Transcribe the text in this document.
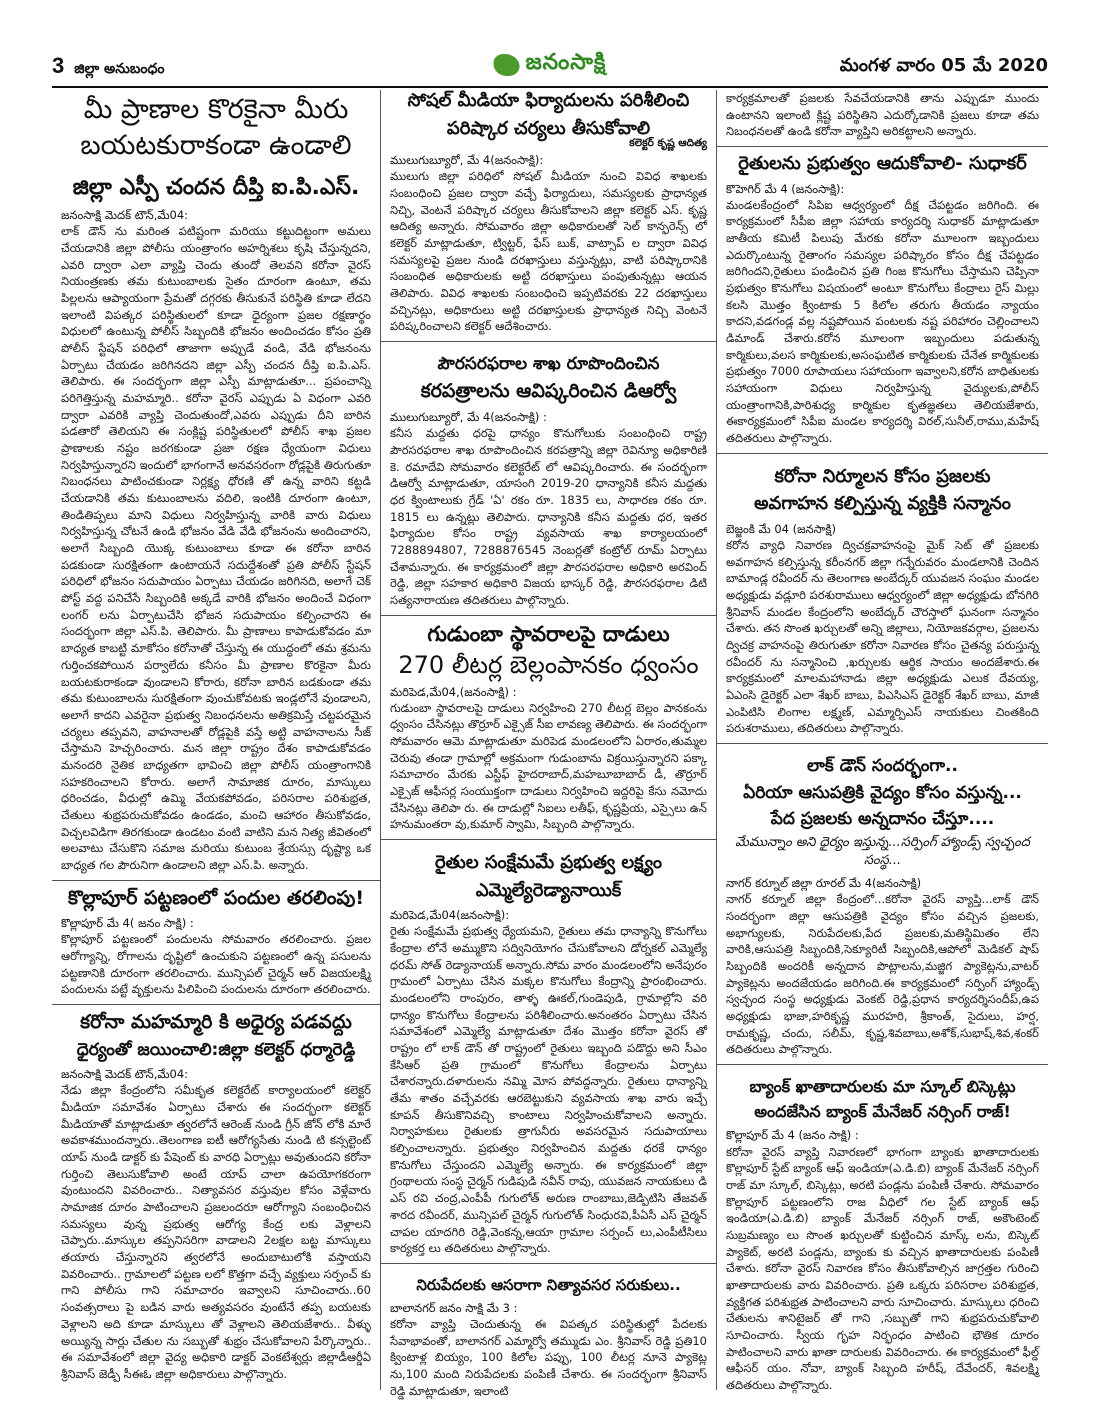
3 జిల్లా అనుబంధం	జనంసాక్షి	మంగళ వారం 05 మే 2020
మీ ప్రాణాల కొరకైనా మీరు బయటకురాకండా ఉండాలి
జిల్లా ఎస్పీ చందన దీప్తి ఐ.పి.ఎస్.
జనంసాక్షి మెదక్ టౌన్,మే04:

లాక్ డౌన్ ను మరింత పటిష్టంగా మరియు కట్టుదిట్టంగా అమలు చేయడానికి జిల్లా పోలీసు యంత్రాంగం అహర్నిశలు కృషి చేస్తున్నదని, ఎవరి ద్వారా ఎలా వ్యాప్తి చెందు తుందో తెలవని కరోనా వైరస్ నియంత్రణకు తమ కుటుంబాలకు సైతం దూరంగా ఉంటూ, తమ పిల్లలను ఆప్యాయంగా ప్రేమతో దగ్గరకు తీసుకునే పరిస్థితి కూడా లేదని ఇలాంటి విపత్కర పరిస్థితులలో కూడా ధైర్యంగా ప్రజల రక్షణార్థం విధులలో ఉంటున్న పోలీస్ సిబ్బందికి భోజనం అందించడం కోసం ప్రతి పోలీస్ స్టేషన్ పరిధిలో తాజాగా అప్పుడే వండి, వేడి భోజనంను ఏర్పాటు చేయడం జరిగినదని జిల్లా ఎస్పీ చందన దీప్తి ఐ.పి.ఎస్. తెలిపారు. ఈ సందర్భంగా జిల్లా ఎస్పీ మాట్లాడుతూ... ప్రపంచాన్ని పరిగెత్తిస్తున్న మహమ్మారి.. కరోనా వైరస్ ఎప్పుడు ఏ విధంగా ఎవరి ద్వారా ఎవరికి వ్యాప్తి చెందుతుందో,ఎవరు ఎప్పుడు దీని బారిన పడతారో తెలియని ఈ సంక్లిష్ట పరిస్థితులలో పోలీస్ శాఖ ప్రజల ప్రాణాలకు నష్టం జరగకుండా ప్రజా రక్షణ ధ్యేయంగా విధులు నిర్వహిస్తున్నారని ఇందులో భాగంగానే అనవసరంగా రోడ్లపైకి తిరుగుతూ నిబంధనలు పాటించకుండా నిర్లక్ష్య ధోరణి తో ఉన్న వారిని కట్టడి చేయడానికి తమ కుటుంబాలను వదిలి, ఇంటికి దూరంగా ఉంటూ, తిండితిప్పలు మాని విధులు నిర్వహిస్తున్న వారికి వారు విధులు నిర్వహిస్తున్న చోటనే ఉండి భోజనం వేడి వేడి భోజనంను అందించారని, అలాగే సిబ్బంది యొక్క కుటుంబాలు కూడా ఈ కరోనా బారిన పడకుండా సురక్షితంగా ఉంటాయనే సదుద్దేశంతో ప్రతి పోలీస్ స్టేషన్ పరిధిలో భోజనం సదుపాయం ఏర్పాటు చేయడం జరిగినది, అలాగే చెక్ పోస్ట్ వద్ద పనిచేసే సిబ్బందికి అక్కడే వారికి భోజనం అందించే విధంగా లంగర్ లను ఏర్పాటుచేసి భోజన సదుపాయం కల్పించారని ఈ సందర్భంగా జిల్లా ఎస్.పి. తెలిపారు. మీ ప్రాణాలు కాపాడుకోవడం మా బాధ్యత కాబట్టి మాకోసం కరోనాతో చేస్తున్న ఈ యుద్ధంలో తమ శ్రమను గుర్తించకపోయిన పర్వాలేదు కనీసం మీ ప్రాణాల కొరకైనా మీరు బయటకురాకండా వుండాలని కోరారు, కరోనా బారిన బడకుండా తమ తమ కుటుంబాలను సురక్షితంగా వుంచుకోవటకు ఇండ్లలోనే వుండాలని, అలాగే కాదని ఎవరైనా ప్రభుత్వ నిబంధనలను అతిక్రమిస్తే చట్టపరమైన చర్యలు తప్పవని, వాహనాలతో రోడ్లపైకి వస్తే అట్టి వాహనాలను సీజ్ చేస్తామని హెచ్చరించారు. మన జిల్లా రాష్ట్రం దేశం కాపాడుకోవడం మనందరి నైతిక బాధ్యతగా భావించి జిల్లా పోలీస్ యంత్రాంగానికి సహకరించాలని కోరారు. అలాగే సామాజిక దూరం, మాస్కులు ధరించడం, వీధుల్లో ఉమ్మి వేయకపోవడం, పరిసరాల పరిశుభ్రత, చేతులు శుభ్రపరుచుకోవడం ఉండడం, మంచి ఆహారం తీసుకోవడం, విచ్చలవిడిగా తిరగకుండా ఉండటం వంటి వాటిని మన నిత్య జీవితంలో అలవాటు చేసుకొని సమాజ మరియు కుటుంబ శ్రేయస్సు దృష్ట్యా ఒక బాధ్యత గల పౌరునిగా ఉండాలని జిల్లా ఎస్.పి. అన్నారు.

కొల్లాపూర్ పట్టణంలో పందుల తరలింపు!
కొల్లాపూర్ మే 4( జనం సాక్షి) :

కొల్లాపూర్ పట్టణంలో పందులను సోమవారం తరలించారు. ప్రజల ఆరోగ్యాన్ని, రోగాలను దృష్టిలో ఉంచుకుని పట్టణంలో ఉన్న పసులను పట్టణానికి దూరంగా తరలించారు. మున్సిపల్ చైర్మన్ ఆర్ విజయలక్ష్మి పందులను పట్టే వృక్తులను పిలిపించి పందులను దూరంగా తరలించారు.

కరోనా మహమ్మారి కి అధైర్య పడవద్దు
ధైర్యంతో జయించాలి:జిల్లా కలెక్టర్ ధర్మారెడ్డి
జనంసాక్షి మెదక్ టౌన్,మే04:

నేడు జిల్లా కేంద్రంలోని సమీకృత కలెక్టరేట్ కార్యాలయంలో కలెక్టర్ మీడియా సమావేశం ఏర్పాటు చేశారు ఈ సందర్భంగా కలెక్టర్ మీడియాతో మాట్లాడుతూ త్వరలోనే ఆరెంజ్ నుండి గ్రీన్ జోన్ లోకి మారే అవకాశముందన్నారు..తెలంగాణ ఐటీ ఆరోగ్యసేతు నుండి టి కన్సల్టెంట్ యాప్ నుండి డాక్టర్ కు పేషెంట్ కు వారధి ఏర్పాట్లు అవుతుందని కరోనా గుర్తించి తెలుసుకోవాలి అంటే యాప్ చాలా ఉపయోగకరంగా వుంటుందని వివరించారు.. నిత్యావసర వస్తువుల కోసం వెళ్లేవారు సామాజిక దూరం పాటించాలని ప్రజలందరూ ఆరోగ్యాని సంబంధించిన సమస్యలు వున్న ప్రభుత్వ ఆరోగ్య కేంద్ర లకు వెళ్లాలని చెప్పారు..మాస్కుల తప్పనిసరిగా వాడాలని 2లక్షల బట్ట మాస్కులు తయారు చేస్తున్నారని త్వరలోనే అందుబాటులోకి వస్తాయని వివరించారు.. గ్రామాలలో పట్టణ లలో కొత్తగా వచ్చే వ్యక్తులు సర్పంచ్ కు గాని పోలీసు గాని సమాచారం ఇవ్వాలని సూచించారు..60 సంవత్సరాలు పై బడిన వారు అత్యవసరం వుంటేనే తప్ప బయటకు వెళ్లాలని అది కూడా మాస్కులు తో వెళ్లాలని తెలియజేశారు.. వీళ్ళు అయ్యిన్న సార్లు చేతుల ను సబ్బుతో శుభ్రం చేసుకోవాలని పేర్కొన్నారు.. ఈ సమావేశంలో జిల్లా వైద్య అధికారి డాక్టర్ వెంకటేశ్వర్లు జిల్లాడీఆర్డీఏ శ్రీనివాస్ జెడ్పీ సీఈఓ జిల్లా అధికారులు పాల్గొన్నారు.

సోషల్ మీడియా ఫిర్యాదులను పరిశీలించి
పరిష్కార చర్యలు తీసుకోవాలి
కలెక్టర్ కృష్ణ ఆదిత్య
ములుగుబ్యూరో, మే 4(జనంసాక్షి):

ములుగు జిల్లా పరిధిలో సోషల్ మీడియా నుంచి వివిధ శాఖలకు సంబంధించి ప్రజల ద్వారా వచ్చే ఫిర్యాదులు, సమస్యలకు ప్రాధాన్యత నిచ్చి, వెంటనే పరిష్కార చర్యలు తీసుకోవాలని జిల్లా కలెక్టర్ ఎస్. కృష్ణ ఆదిత్య అన్నారు. సోమవారం జిల్లా అధికారులతో సెల్ కాన్ఫరెన్స్ లో కలెక్టర్ మాట్లాడుతూ, ట్విట్టర్, ఫేస్ బుక్, వాట్సాప్ ల ద్వారా వివిధ సమస్యలపై ప్రజల నుండి దరఖాస్తులు వస్తున్నట్లు, వాటి పరిష్కారానికి సంబంధిత అధికారులకు అట్టి దరఖాస్తులు పంపుతున్నట్లు ఆయన తెలిపారు. వివిధ శాఖలకు సంబంధించి ఇప్పటివరకు 22 దరఖాస్తులు వచ్చినట్లు, అధికారులు అట్టి దరఖాస్తులకు ప్రాధాన్యత నిచ్చి వెంటనే పరిష్కరించాలని కలెక్టర్ ఆదేశించారు.

పౌరసరఫరాల శాఖ రూపొందించిన
కరపత్రాలను ఆవిష్కరించిన డిఆర్వో
ములుగుబ్యూరో, మే 4(జనంసాక్షి) :

కనీస మద్దతు ధరపై ధాన్యం కొనుగోలుకు సంబంధించి రాష్ట్ర పౌరసరఫరాల శాఖ రూపొందించిన కరపత్రాన్ని జిల్లా రెవిన్యూ అధికారిణి కె. రమాదేవి సోమవారం కలెక్టరేట్ లో ఆవిష్కరించారు. ఈ సందర్భంగా డిఆర్వో మాట్లాడుతూ, యాసంగి 2019-20 ధాన్యానికి కనీస మద్దతు ధర క్వింటాలుకు గ్రేడ్ 'ఏ' రకం రూ. 1835 లు, సాధారణ రకం రూ. 1815 లు ఉన్నట్లు తెలిపారు. ధాన్యానికి కనీస మద్దతు ధర, ఇతర ఫిర్యాదుల కోసం రాష్ట్ర వ్యవసాయ శాఖ కార్యాలయంలో 7288894807, 7288876545 నెంబర్లతో కంట్రోల్ రూమ్ ఏర్పాటు చేశామన్నారు. ఈ కార్యక్రమంలో జిల్లా పౌరసరఫరాల అధికారి అరవింద్ రెడ్డి, జిల్లా సహకార అధికారి విజయ భాస్కర్ రెడ్డి, పౌరసరఫరాల డిటి సత్యనారాయణ తదితరులు పాల్గొన్నారు.

గుడుంబా స్థావరాలపై దాడులు
270 లీటర్ల బెల్లంపానకం ధ్వంసం
మరిపెడ,మే04,(జనంసాక్షి) :

గుడుంబా స్థావరాలపై దాడులు నిర్వహించి 270 లీటర్ల బెల్లం పానకంను ధ్వంసం చేసినట్లు తొర్రూర్ ఎక్సైజ్ సీఐ లావణ్య తెలిపారు. ఈ సందర్భంగా సోమవారం ఆమె మాట్లాడుతూ మరిపెడ మండలంలోని ఏరారం,తుమ్మల చెరువు తండా గ్రామాల్లో అక్రమంగా గుడుంబాను విక్రయిస్తున్నారని పక్కా సమాచారం మేరకు ఎస్టీఫ్ హైదరాబాద్,మహబూబాబాద్ డీ, తొర్రూర్ ఎక్సైజ్ ఆఫీసర్ల సంయుక్తంగా దాడులు నిర్వహించి ఇద్దరిపై కేసు నమోదు చేసినట్లు తెలిపా రు. ఈ దాడుల్లో సిఐలు లతీఫ్, కృష్ణప్రియ, ఎస్సైలు ఉన్ హనుమంతరా వు,కుమార్ స్వామి, సిబ్బంది పాల్గొన్నారు.

రైతుల సంక్షేమమే ప్రభుత్వ లక్ష్యం
ఎమ్మెల్యేరెడ్యానాయిక్
మరిపెడ,మే04(జనంసాక్షి):

రైతు సంక్షేమమే ప్రభుత్వ ధ్యేయమని, రైతులు తమ ధాన్యాన్ని కొనుగోలు కేంద్రాల లోనే అమ్ముకొని సద్వినియోగం చేసుకోవాలని డోర్నకల్ ఎమ్మెల్యే ధరమ్ సోత్ రెడ్యానాయక్ అన్నారు.సోమ వారం మండలంలోని అనేపురం గ్రామంలో ఏర్పాటు చేసిన మక్కల కొనుగోలు కేంద్రాన్ని ప్రారంభించారు. మండలంలోని రాంపురం, తాళ్ళ ఊకల్,గుండెపుడి, గ్రామాల్లోని వరి ధాన్యం కొనుగోలు కేంద్రాలను పరిశీలించారు.అనంతరం ఏర్పాటు చేసిన సమావేశంలో ఎమ్మెల్యే మాట్లాడుతూ దేశం మొత్తం కరోనా వైరస్ తో రాష్ట్రం లో లాక్ డౌన్ తో రాష్ట్రంలో రైతులు ఇబ్బంది పడొద్దు అని సీఎం కేసిఆర్ ప్రతి గ్రామంలో కొనుగోలు కేంద్రాలను ఏర్పాటు చేశారన్నారు.దళారులను నమ్మి మోస పోవద్దన్నారు. రైతులు ధాన్యాన్ని తేమ శాతం వచ్చేవరకు ఆరబెట్టుకుని వ్యవసాయ శాఖ వారు ఇచ్చే కూపన్ తీసుకొనివచ్చి కాంటాలు నిర్వహించుకోవాలని అన్నారు. నిర్వాహకులు రైతులకు త్రాగునీరు అవసరమైన సదుపాయాలు కల్పించాలన్నారు. ప్రభుత్వం నిర్వహించిన మద్దతు ధరకే ధాన్యం కొనుగోలు చేస్తుందని ఎమ్మెల్యే అన్నారు. ఈ కార్యక్రమంలో జిల్లా గ్రంథాలయ సంస్థ చైర్మన్ గుడిపుడి నవీన్ రావు, యువజన నాయకులు డి ఎస్ రవి చంద్ర,ఎంపీపీ గుగులోత్ అరుణ రాంబాబు,జెడ్పిటిసి తేజవత్ శారద రవీందర్, మున్సిపల్ చైర్మన్ గుగులోత్ సింధురవి,పీఏసీ ఎస్ చైర్మన్ చాపల యాదగిరి రెడ్డి,వెంకన్న,ఆయా గ్రామాల సర్పంచ్ లు,ఎంపీటీసిలు కార్యకర్త లు తదితరులు పాల్గొన్నారు.

నిరుపేదలకు ఆసరాగా నిత్యావసర సరుకులు..
బాలానగర్ జనం సాక్షి మే 3 :

కరోనా వ్యాప్తి చెందుతున్న ఈ విపత్కర పరిస్థితుల్లో పేదలకు సేవాభావంతో, బాలానగర్ ఎమ్మార్వో తమ్ముడు ఎం. శ్రీనివాస్ రెడ్డి ప్రతి10 క్వింటాళ్ల బియ్యం, 100 కిలోల పప్పు, 100 లీటర్ల నూనె ప్యాకెట్ల ను,100 మంది నిరుపేదలకు పంపిణీ చేశారు. ఈ సందర్భంగా శ్రీనివాస్ రెడ్డి మాట్లాడుతూ, ఇలాంటి

కార్యక్రమాలతో ప్రజలకు సేవచేయడానికి తాను ఎప్పుడూ ముందు ఉంటానని ఇలాంటి క్లిష్ట పరిస్థితిని ఎదుర్కోడానికి ప్రజలు కూడా తమ నిబంధనలతో ఉండి కరోనా వ్యాప్తిని అరికట్టాలని అన్నారు.

రైతులను ప్రభుత్వం ఆదుకోవాలి- సుధాకర్
కొహెగిర్ మే 4 (జనంసాక్షి):

మండలకేంద్రంలో సిపిఐ ఆధ్వర్యంలో దీక్ష చేపట్టడం జరిగింది. ఈ కార్యక్రమంలో సీపీఐ జిల్లా సహాయ కార్యదర్శి సుధాకర్ మాట్లాడుతూ జాతీయ కమిటీ పిలుపు మేరకు కరోనా మూలంగా ఇబ్బందులు ఎదుర్కొంటున్న రైతాంగం సమస్యల పరిష్కారం కోసం దీక్ష చేపట్టడం జరిగిందని,రైతులు పండించిన ప్రతి గింజ కొనుగోలు చేస్తామని చెప్పినా ప్రభుత్వం కొనుగోలు విషయంలో అంటూ కొనుగోలు కేంద్రాలు రైస్ మిల్లు కలసి మొత్తం క్వింటాకు 5 కిలోల తరుగు తీయడం న్యాయం కాదని,వడగండ్ల వల్ల నష్టపోయిన పంటలకు నష్ట పరిహారం చెల్లించాలని డిమాండ్ చేశారు.కరోన మూలంగా ఇబ్బందులు పడుతున్న కార్మికులు,వలస కార్మికులకు,అసంఘటిత కార్మికులకు చేనేత కార్మికులకు ప్రభుత్వం 7000 రూపాయలు సహాయంగా ఇవ్వాలని,కరోన బాధితులకు సహాయంగా విధులు నిర్వహిస్తున్న వైద్యులకు,పోలీస్ యంత్రాంగానికి,పారిశుధ్య కార్మికుల కృతజ్ఞతలు తెలియజేశారు, ఈకార్యక్రమంలో సిపీఐ మండల కార్యదర్శి విరల్,సునీల్,రాము,మహేష్ తదితరులు పాల్గొన్నారు.

కరోనా నిర్మూలన కోసం ప్రజలకు
అవగాహన కల్పిస్తున్న వ్యక్తికి సన్మానం
బెజ్జంకి మే 04 (జనసాక్షి)

కరోన వ్యాధి నివారణ ద్విచక్రవాహనంపై మైక్ సెట్ తో ప్రజలకు అవగాహన కల్పిస్తున్న కరీంనగర్ జిల్లా గన్నేరువరం మండలానికి చెందిన బామాండ్ల రవీందర్ ను తెలంగాణ అంబేద్కర్ యువజన సంఘం మండల అధ్యక్షుడు వడ్లూరి పరశురాములు ఆధ్వర్యంలో జిల్లా అధ్యక్షుడు బోనగిరి శ్రీనివాస్ మండల కేంద్రంలోని అంబేద్కర్ చౌరస్తాలో ఘనంగా సన్మానం చేశారు. తన సొంత ఖర్చులతో అన్ని జిల్లాలు, నియోజకవర్గాల, ప్రజలను ద్విచక్ర వాహనంపై తిరుగుతూ కరోనా నివారణ కోసం చైతన్య పరుస్తున్న రవీందర్ ను సన్మానించి ,ఖర్చులకు ఆర్థిక సాయం అందజేశారు.ఈ కార్యక్రమంలో మాలమహానాడు జిల్లా అధ్యక్షుడు ఎలుక దేవయ్య, ఏఎంసి డైరెక్టర్ ఎలా శేఖర్ బాబు, పిఎసిఎస్ డైరెక్టర్ శేఖర్ బాబు, మాజీ ఎంపిటిసి లింగాల లక్ష్మణ్, ఎమ్మార్పిఎస్ నాయకులు చింతకింది పరుశరాములు, తదితరులు పాల్గొన్నారు.

లాక్ డౌన్ సందర్భంగా..
ఏరియా ఆసుపత్రికి వైద్యం కోసం వస్తున్న...
పేద ప్రజలకు అన్నదానం చేస్తూ....
మేమున్నాం అని ధైర్యం ఇస్తున్న...సర్పింగ్ హ్యాండ్స్ స్వచ్ఛంద సంస్థ...
నాగర్ కర్నూల్ జిల్లా రూరల్ మే 4(జనంసాక్షి)

నాగర్ కర్నూల్ జిల్లా కేంద్రంలో...కరోనా వైరస్ వ్యాప్తి...లాక్ డౌన్ సందర్భంగా జిల్లా ఆసుపత్రికి వైద్యం కోసం వచ్చిన ప్రజలకు, అభాగ్యులకు, నిరుపేదలకు,పేద ప్రజలకు,మతిస్థిమితం లేని వారికి,ఆసుపత్రి సిబ్బందికి,సెక్యూరిటీ సిబ్బందికి,ఆపోలో మెడికల్ షాప్ సిబ్బందికి అందరికీ అన్నదాన పొట్లాలను,మజ్జిగ ప్యాకెట్లను,వాటర్ ప్యాకెట్లను అందజేయడం జరిగింది.ఈ కార్యక్రమంలో సర్పింగ్ హ్యాండ్స్ స్వచ్ఛంద సంస్థ అధ్యక్షుడు వెంకట్ రెడ్డి,ప్రధాన కార్యదర్శిసందీప్,ఉప అధ్యక్షుడు భాజా,హరికృష్ణ మురహరి, శ్రీకాంత్, సైదులు, హర్ష, రామకృష్ణ, చందు, సలీమ్, కృష్ణ,శివబాబు,అశోక్,సుభాష్,శివ,శంకర్ తదితరులు పాల్గొన్నారు.

బ్యాంక్ ఖాతాదారులకు మా స్కూల్ బిస్కెట్లు
అందజేసిన బ్యాంక్ మేనేజర్ నర్సింగ్ రాజ్!
కొల్లాపూర్ మే 4 (జనం సాక్షి) :

కరోనా వైరస్ వ్యాప్తి నివారణలో భాగంగా బ్యాంకు ఖాతాదారులకు కొల్లాపూర్ స్టేట్ బ్యాంక్ ఆఫ్ ఇండియా(ఎ.డి.బి) బ్యాంక్ మేనేజర్ నర్సింగ్ రాజ్ మా స్కూల్, బిస్కెట్లు, అరటి పండ్లను పంపిణీ చేశారు. సోమవారం కొల్లాపూర్ పట్టణంలోని రాజ వీధిలో గల స్టేట్ బ్యాంక్ ఆఫ్ ఇండియా(ఎ.డి.బి) బ్యాంక్ మేనేజర్ నర్సింగ్ రాజ్, అకౌంటెంట్ సుబ్రమణ్యం లు సొంత ఖర్చులతో కుట్టించిన మాస్క్ లను, బిస్కెట్ ప్యాకెట్, అరటి పండ్లను, బ్యాంకు కు వచ్చిన ఖాతాదారులకు పంపిణీ చేశారు. కరోనా వైరస్ నివారణ కోసం తీసుకోవాల్సిన జాగ్రత్తల గురించి ఖాతాదారులకు వారు వివరించారు. ప్రతి ఒక్కరు పరిసరాల పరిశుభ్రత, వ్యక్తిగత పరిశుభ్రత పాటించాలని వారు సూచించారు. మాస్కులు ధరించి చేతులను శానిటైజర్ తో గాని ,సబ్బుతో గాని శుభ్రపరుచుకోవాలి సూచించారు. స్వీయ గృహ నిర్భంధం పాటించి భౌతిక దూరం పాటించాలని వారు ఖాతా దారులకు వివరించారు. ఈ కార్యక్రమంలో ఫీల్డ్ ఆఫీసర్ యం. నోవా, బ్యాంక్ సిబ్బంది హరీష్, దేవేందర్, శివలక్ష్మి తదితరులు పాల్గొన్నారు.
